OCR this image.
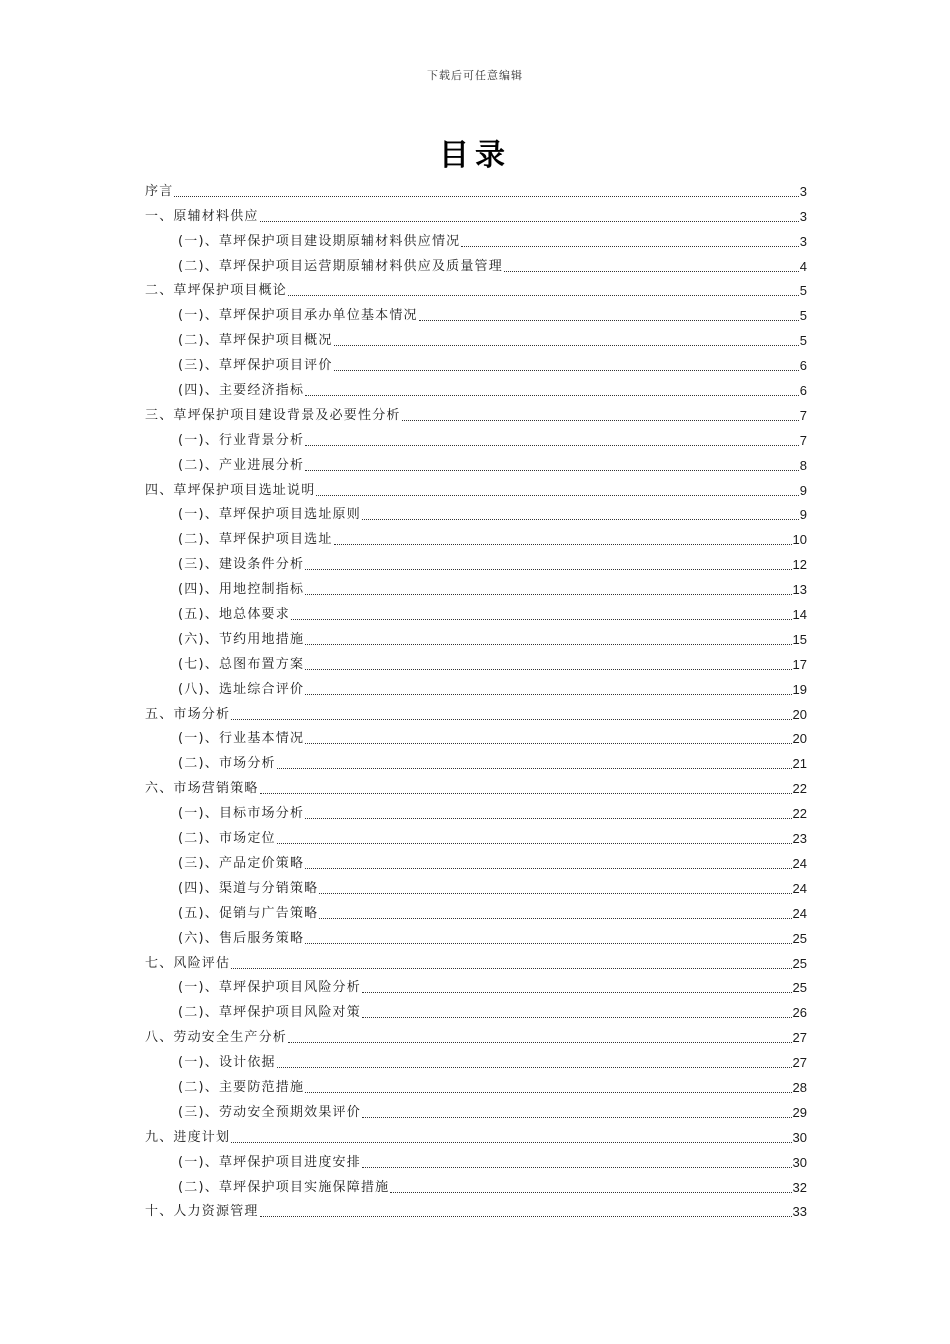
下载后可任意编辑
目录
序言	3
一、原辅材料供应	3
(一)、草坪保护项目建设期原辅材料供应情况	3
(二)、草坪保护项目运营期原辅材料供应及质量管理	4
二、草坪保护项目概论	5
(一)、草坪保护项目承办单位基本情况	5
(二)、草坪保护项目概况	5
(三)、草坪保护项目评价	6
(四)、主要经济指标	6
三、草坪保护项目建设背景及必要性分析	7
(一)、行业背景分析	7
(二)、产业进展分析	8
四、草坪保护项目选址说明	9
(一)、草坪保护项目选址原则	9
(二)、草坪保护项目选址	10
(三)、建设条件分析	12
(四)、用地控制指标	13
(五)、地总体要求	14
(六)、节约用地措施	15
(七)、总图布置方案	17
(八)、选址综合评价	19
五、市场分析	20
(一)、行业基本情况	20
(二)、市场分析	21
六、市场营销策略	22
(一)、目标市场分析	22
(二)、市场定位	23
(三)、产品定价策略	24
(四)、渠道与分销策略	24
(五)、促销与广告策略	24
(六)、售后服务策略	25
七、风险评估	25
(一)、草坪保护项目风险分析	25
(二)、草坪保护项目风险对策	26
八、劳动安全生产分析	27
(一)、设计依据	27
(二)、主要防范措施	28
(三)、劳动安全预期效果评价	29
九、进度计划	30
(一)、草坪保护项目进度安排	30
(二)、草坪保护项目实施保障措施	32
十、人力资源管理	33
